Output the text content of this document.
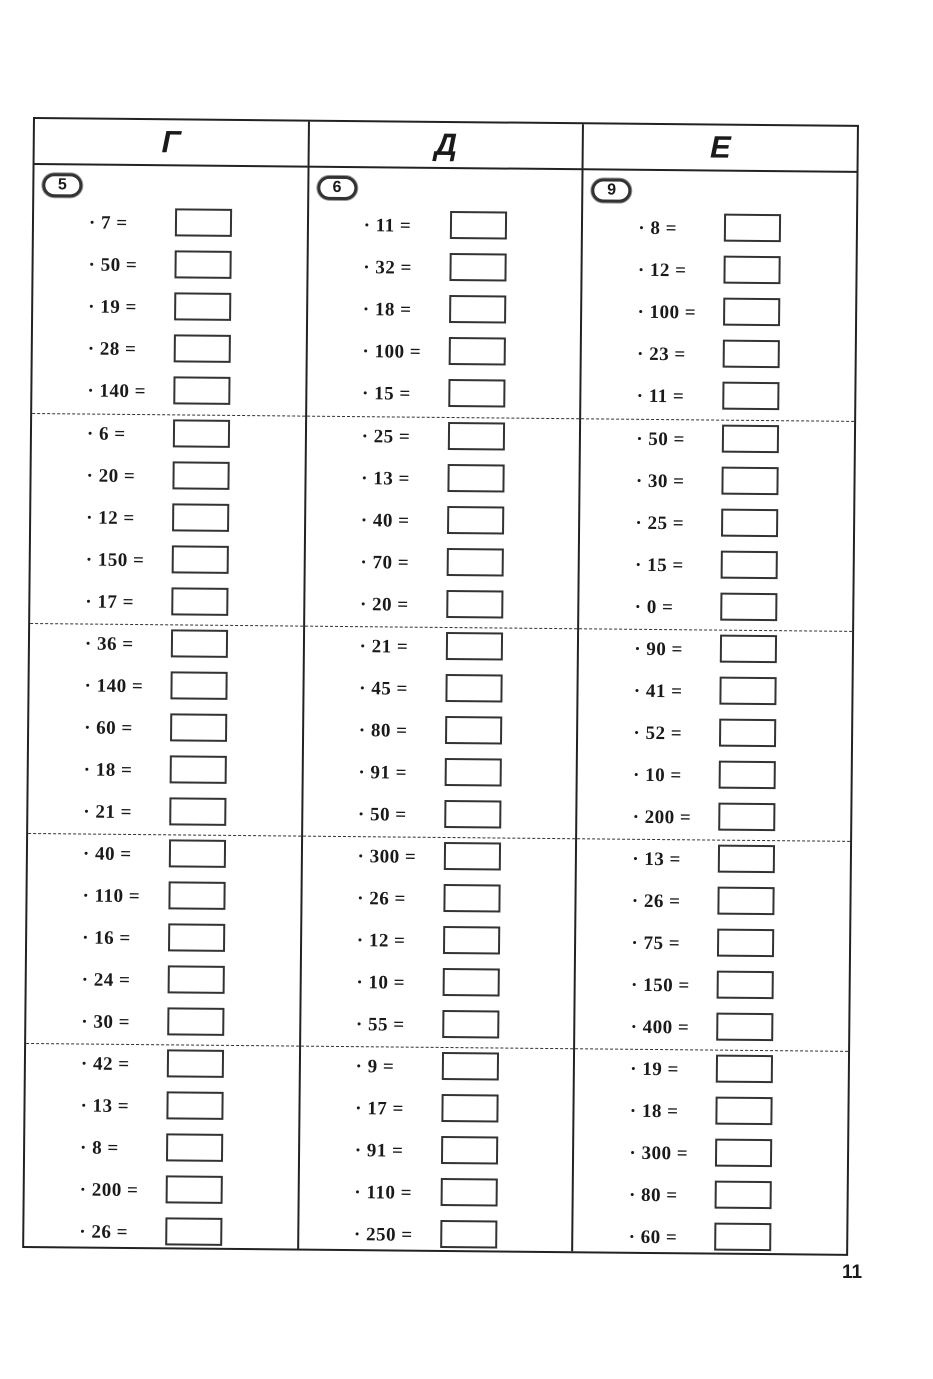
Г	Д	Е
5
· 7 =
· 50 =
· 19 =
· 28 =
· 140 =
· 6 =
· 20 =
· 12 =
· 150 =
· 17 =
· 36 =
· 140 =
· 60 =
· 18 =
· 21 =
· 40 =
· 110 =
· 16 =
· 24 =
· 30 =
· 42 =
· 13 =
· 8 =
· 200 =
· 26 =
6
· 11 =
· 32 =
· 18 =
· 100 =
· 15 =
· 25 =
· 13 =
· 40 =
· 70 =
· 20 =
· 21 =
· 45 =
· 80 =
· 91 =
· 50 =
· 300 =
· 26 =
· 12 =
· 10 =
· 55 =
· 9 =
· 17 =
· 91 =
· 110 =
· 250 =
9
· 8 =
· 12 =
· 100 =
· 23 =
· 11 =
· 50 =
· 30 =
· 25 =
· 15 =
· 0 =
· 90 =
· 41 =
· 52 =
· 10 =
· 200 =
· 13 =
· 26 =
· 75 =
· 150 =
· 400 =
· 19 =
· 18 =
· 300 =
· 80 =
· 60 =
11
